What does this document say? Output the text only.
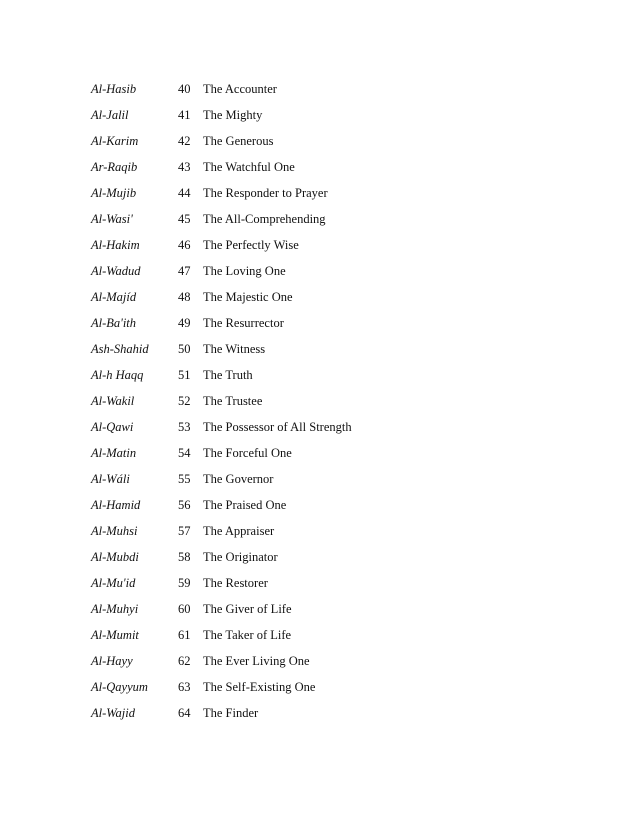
Al-Hasib	40 The Accounter
Al-Jalil	41 The Mighty
Al-Karim	42 The Generous
Ar-Raqib	43 The Watchful One
Al-Mujib	44 The Responder to Prayer
Al-Wasi'	45 The All-Comprehending
Al-Hakim	46 The Perfectly Wise
Al-Wadud	47 The Loving One
Al-Majíd	48 The Majestic One
Al-Ba'ith	49 The Resurrector
Ash-Shahid 50 The Witness
Al-h Haqq	51 The Truth
Al-Wakil	52 The Trustee
Al-Qawi	53 The Possessor of All Strength
Al-Matin	54 The Forceful One
Al-Wáli	55 The Governor
Al-Hamid	56 The Praised One
Al-Muhsi	57 The Appraiser
Al-Mubdi	58 The Originator
Al-Mu'id	59 The Restorer
Al-Muhyi	60 The Giver of Life
Al-Mumit	61 The Taker of Life
Al-Hayy	62 The Ever Living One
Al-Qayyum 63 The Self-Existing One
Al-Wajid	64 The Finder
